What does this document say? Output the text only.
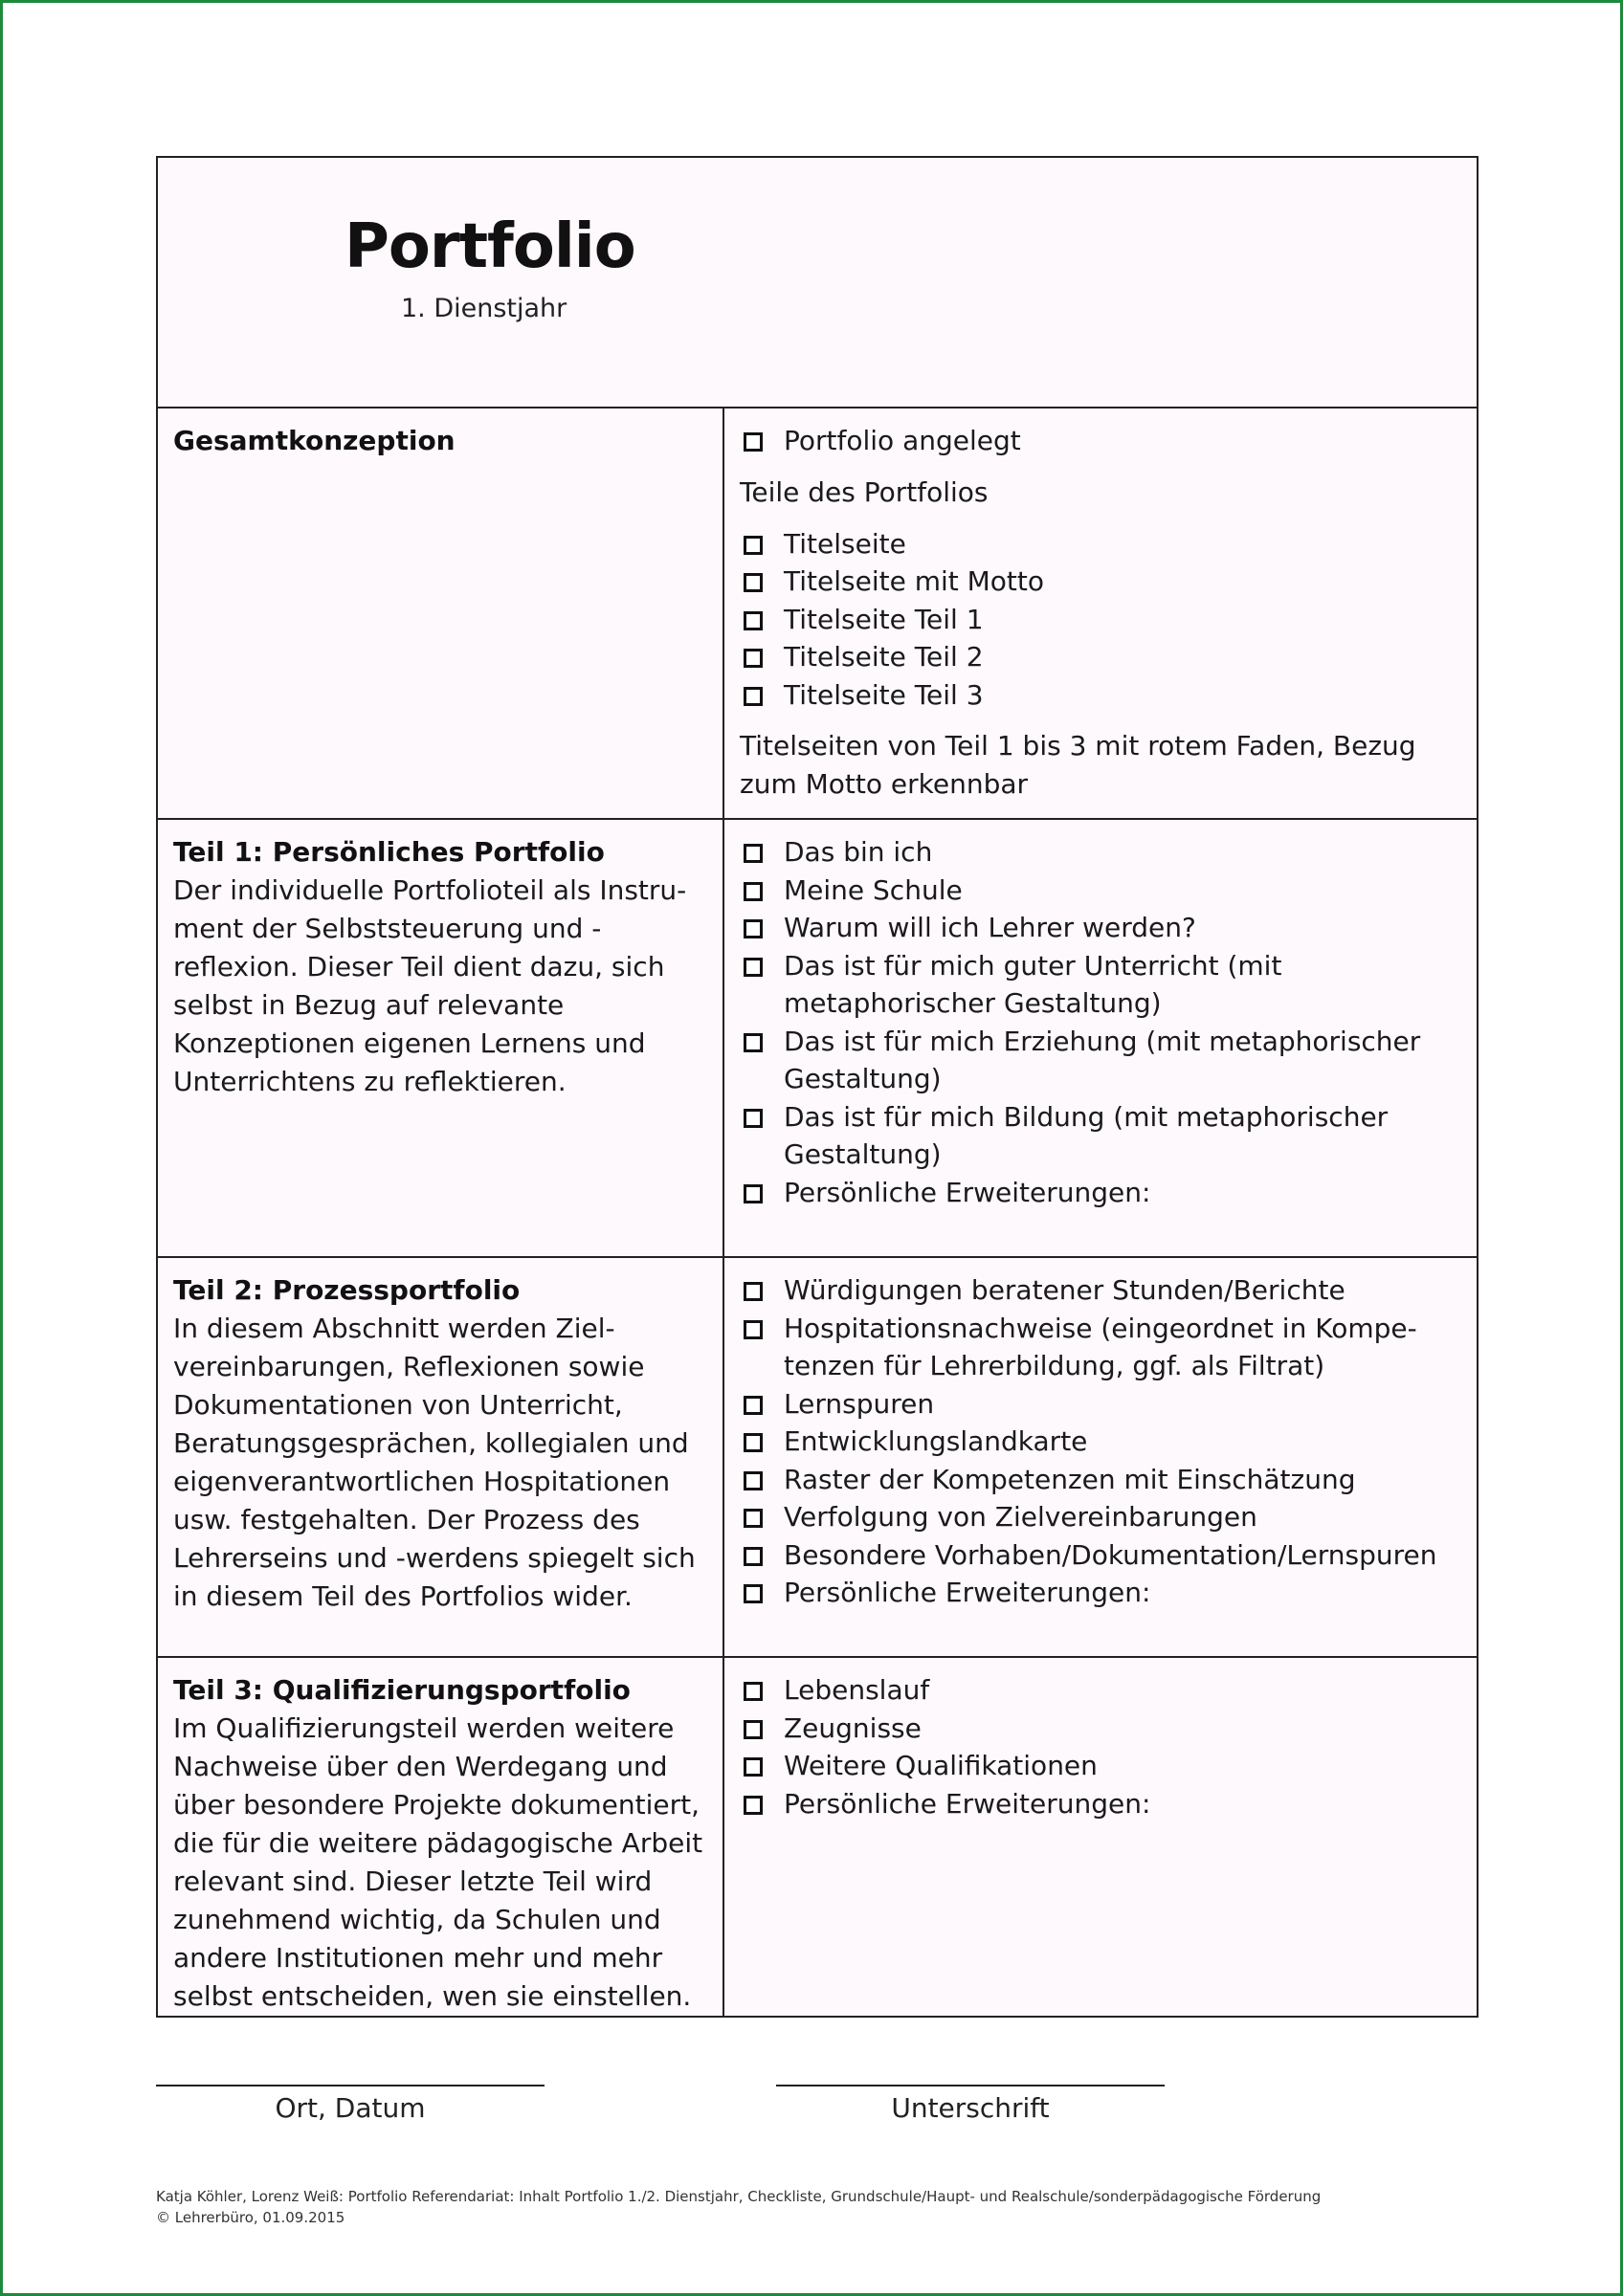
Portfolio
1. Dienstjahr

Gesamtkonzeption	Portfolio angelegt

Teile des Portfolios

Titelseite
Titelseite mit Motto
Titelseite Teil 1
Titelseite Teil 2
Titelseite Teil 3

Titelseiten von Teil 1 bis 3 mit rotem Faden, Bezug zum Motto erkennbar

Teil 1: Persönliches Portfolio

Der individuelle Portfolioteil als Instru-ment der Selbststeuerung und -reflexion. Dieser Teil dient dazu, sich selbst in Bezug auf relevante Konzeptionen eigenen Lernens und Unterrichtens zu reflektieren.

Das bin ich
Meine Schule
Warum will ich Lehrer werden?
Das ist für mich guter Unterricht (mit metaphorischer Gestaltung)
Das ist für mich Erziehung (mit metaphorischer Gestaltung)
Das ist für mich Bildung (mit metaphorischer Gestaltung)
Persönliche Erweiterungen:

Teil 2: Prozessportfolio

In diesem Abschnitt werden Ziel-vereinbarungen, Reflexionen sowie Dokumentationen von Unterricht, Beratungsgesprächen, kollegialen und eigenverantwortlichen Hospitationen usw. festgehalten. Der Prozess des Lehrerseins und -werdens spiegelt sich in diesem Teil des Portfolios wider.

Würdigungen beratener Stunden/Berichte
Hospitationsnachweise (eingeordnet in Kompe-tenzen für Lehrerbildung, ggf. als Filtrat)
Lernspuren
Entwicklungslandkarte
Raster der Kompetenzen mit Einschätzung
Verfolgung von Zielvereinbarungen
Besondere Vorhaben/Dokumentation/Lernspuren
Persönliche Erweiterungen:

Teil 3: Qualifizierungsportfolio

Im Qualifizierungsteil werden weitere Nachweise über den Werdegang und über besondere Projekte dokumentiert, die für die weitere pädagogische Arbeit relevant sind. Dieser letzte Teil wird zunehmend wichtig, da Schulen und andere Institutionen mehr und mehr selbst entscheiden, wen sie einstellen.

Lebenslauf
Zeugnisse
Weitere Qualifikationen
Persönliche Erweiterungen:
Ort, Datum	Unterschrift
Katja Köhler, Lorenz Weiß: Portfolio Referendariat: Inhalt Portfolio 1./2. Dienstjahr, Checkliste, Grundschule/Haupt- und Realschule/sonderpädagogische Förderung
© Lehrerbüro, 01.09.2015
